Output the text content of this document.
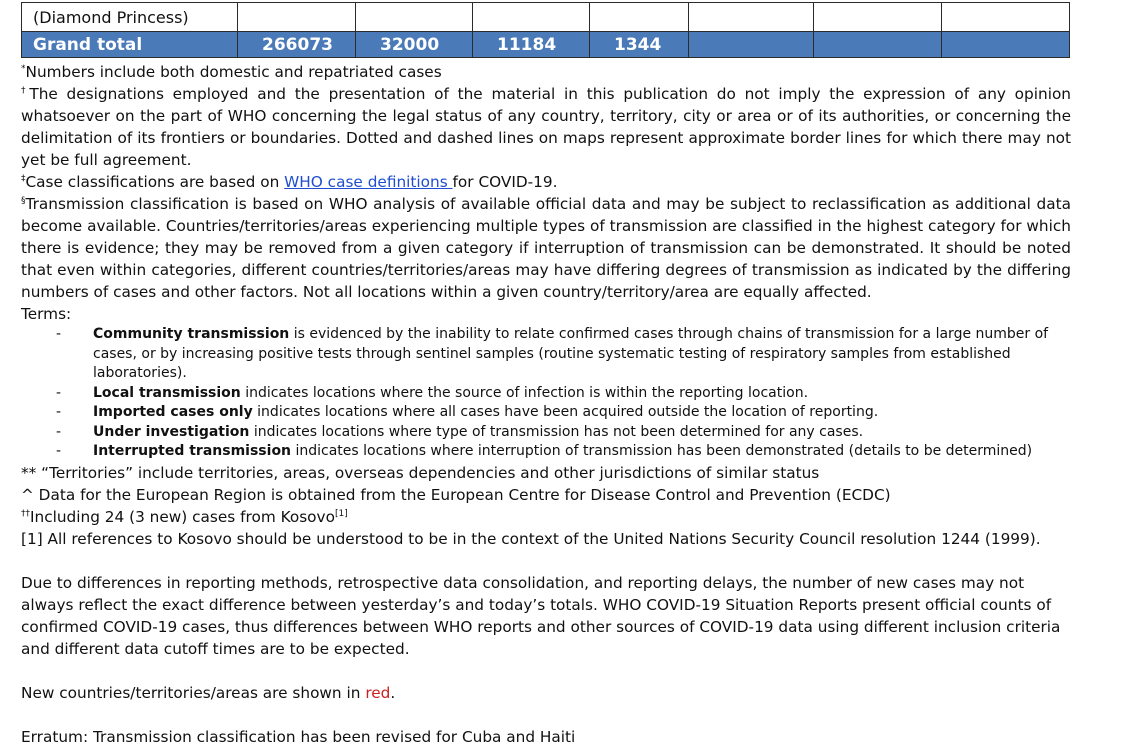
(Diamond Princess)							
Grand total	266073	32000	11184	1344			

*Numbers include both domestic and repatriated cases

†The designations employed and the presentation of the material in this publication do not imply the expression of any opinion whatsoever on the part of WHO concerning the legal status of any country, territory, city or area or of its authorities, or concerning the delimitation of its frontiers or boundaries. Dotted and dashed lines on maps represent approximate border lines for which there may not yet be full agreement.

‡Case classifications are based on WHO case definitions for COVID-19.

§Transmission classification is based on WHO analysis of available official data and may be subject to reclassification as additional data become available. Countries/territories/areas experiencing multiple types of transmission are classified in the highest category for which there is evidence; they may be removed from a given category if interruption of transmission can be demonstrated. It should be noted that even within categories, different countries/territories/areas may have differing degrees of transmission as indicated by the differing numbers of cases and other factors. Not all locations within a given country/territory/area are equally affected.

Terms:

- Community transmission is evidenced by the inability to relate confirmed cases through chains of transmission for a large number of cases, or by increasing positive tests through sentinel samples (routine systematic testing of respiratory samples from established laboratories).
- Local transmission indicates locations where the source of infection is within the reporting location.
- Imported cases only indicates locations where all cases have been acquired outside the location of reporting.
- Under investigation indicates locations where type of transmission has not been determined for any cases.
- Interrupted transmission indicates locations where interruption of transmission has been demonstrated (details to be determined)

** “Territories” include territories, areas, overseas dependencies and other jurisdictions of similar status

^ Data for the European Region is obtained from the European Centre for Disease Control and Prevention (ECDC)

††Including 24 (3 new) cases from Kosovo[1]

[1] All references to Kosovo should be understood to be in the context of the United Nations Security Council resolution 1244 (1999).

Due to differences in reporting methods, retrospective data consolidation, and reporting delays, the number of new cases may not always reflect the exact difference between yesterday’s and today’s totals. WHO COVID-19 Situation Reports present official counts of confirmed COVID-19 cases, thus differences between WHO reports and other sources of COVID-19 data using different inclusion criteria and different data cutoff times are to be expected.

New countries/territories/areas are shown in red.

Erratum: Transmission classification has been revised for Cuba and Haiti
